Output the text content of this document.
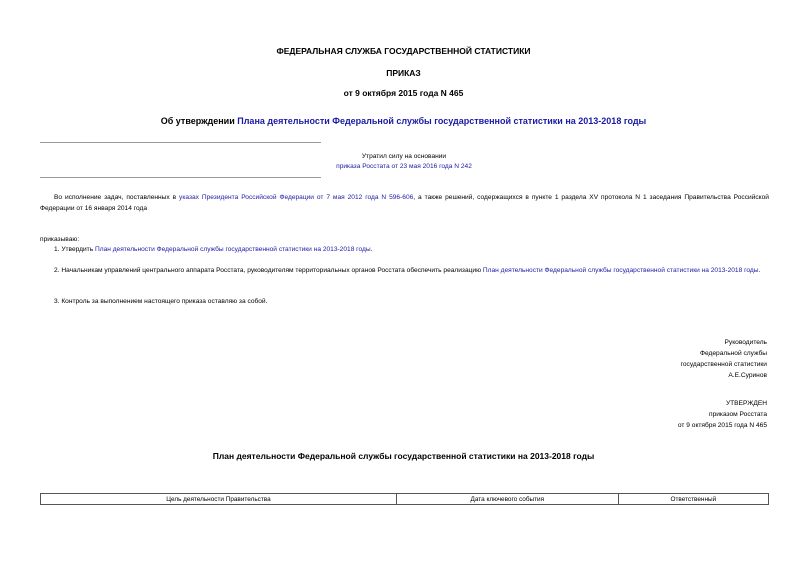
ФЕДЕРАЛЬНАЯ СЛУЖБА ГОСУДАРСТВЕННОЙ СТАТИСТИКИ
ПРИКАЗ
от 9 октября 2015 года N 465
Об утверждении Плана деятельности Федеральной службы государственной статистики на 2013-2018 годы
Утратил силу на основании
приказа Росстата от 23 мая 2016 года N 242
Во исполнение задач, поставленных в указах Президента Российской Федерации от 7 мая 2012 года N 596-606, а также решений, содержащихся в пункте 1 раздела XV протокола N 1 заседания Правительства Российской Федерации от 16 января 2014 года
приказываю:
1. Утвердить План деятельности Федеральной службы государственной статистики на 2013-2018 годы.
2. Начальникам управлений центрального аппарата Росстата, руководителям территориальных органов Росстата обеспечить реализацию План деятельности Федеральной службы государственной статистики на 2013-2018 годы.
3. Контроль за выполнением настоящего приказа оставляю за собой.
Руководитель
Федеральной службы
государственной статистики
А.Е.Суринов
УТВЕРЖДЕН
приказом Росстата
от 9 октября 2015 года N 465
План деятельности Федеральной службы государственной статистики на 2013-2018 годы
Цель деятельности Правительства	Дата ключевого события	Ответственный
